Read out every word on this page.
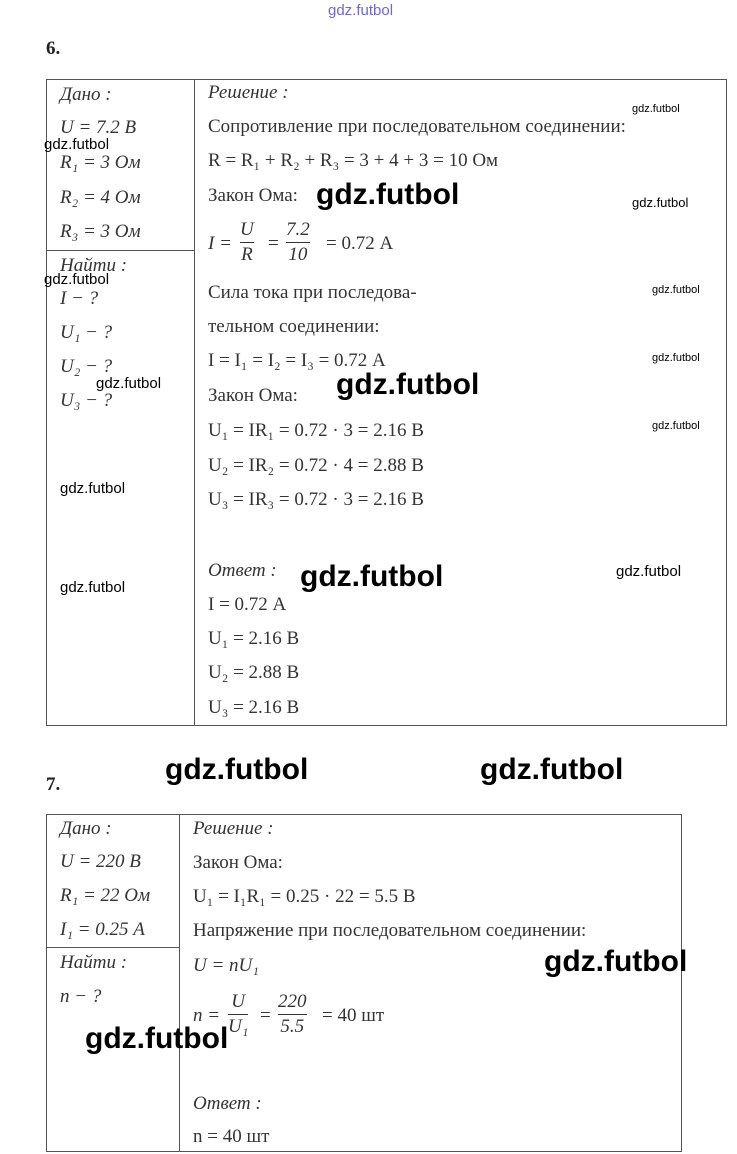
gdz.futbol
6.
Дано :
U = 7.2 В
R₁ = 3 Ом
R₂ = 4 Ом
R₃ = 3 Ом
Найти :
I − ?
U₁ − ?
U₂ − ?
U₃ − ?
Решение :
Сопротивление при последовательном соединении:
R = R₁ + R₂ + R₃ = 3 + 4 + 3 = 10 Ом
Закон Ома:
I =
U
R
=
7.2
10
= 0.72 А
Сила тока при последова-
тельном соединении:
I = I₁ = I₂ = I₃ = 0.72 А
Закон Ома:
U₁ = IR₁ = 0.72 · 3 = 2.16 В
U₂ = IR₂ = 0.72 · 4 = 2.88 В
U₃ = IR₃ = 0.72 · 3 = 2.16 В
Ответ :
I = 0.72 А
U₁ = 2.16 В
U₂ = 2.88 В
U₃ = 2.16 В
7.
Дано :
U = 220 В
R₁ = 22 Ом
I₁ = 0.25 А
Найти :
n − ?
Решение :
Закон Ома:
U₁ = I₁R₁ = 0.25 · 22 = 5.5 В
Напряжение при последовательном соединении:
U = nU₁
n =
U
U₁
=
220
5.5
= 40 шт
Ответ :
n = 40 шт
gdz.futbol
gdz.futbol
gdz.futbol	gdz.futbol
gdz.futbol
gdz.futbol
gdz.futbol
gdz.futbol	gdz.futbol
gdz.futbol
gdz.futbol
gdz.futbol	gdz.futbol
gdz.futbol
gdz.futbol	gdz.futbol
gdz.futbol
gdz.futbol
